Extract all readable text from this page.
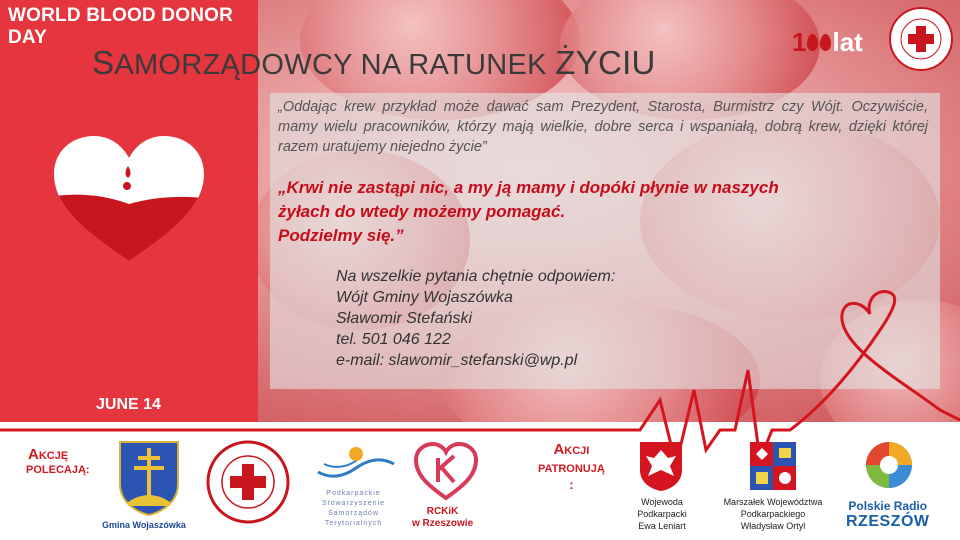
WORLD BLOOD DONOR DAY
JUNE 14
SAMORZĄDOWCY NA RATUNEK ŻYCIU
1 lat
„Oddając krew przykład może dawać sam Prezydent, Starosta, Burmistrz czy Wójt. Oczywiście, mamy wielu pracowników, którzy mają wielkie, dobre serca i wspaniałą, dobrą krew, dzięki której razem uratujemy niejedno życie”
„Krwi nie zastąpi nic, a my ją mamy i dopóki płynie w naszych
żyłach do wtedy możemy pomagać.
Podzielmy się.”
Na wszelkie pytania chętnie odpowiem:
Wójt Gminy Wojaszówka
Sławomir Stefański
tel. 501 046 122
e-mail: slawomir_stefanski@wp.pl
AKCJĘ
POLECAJĄ:
Gmina Wojaszówka
Podkarpackie
Stowarzyszenie
Samorządów
Terytorialnych
RCKiK
w Rzeszowie
AKCJI
PATRONUJĄ
:
Wojewoda
Podkarpacki
Ewa Leniart
Marszałek Województwa
Podkarpackiego
Władysław Ortyl
Polskie Radio
RZESZÓW
